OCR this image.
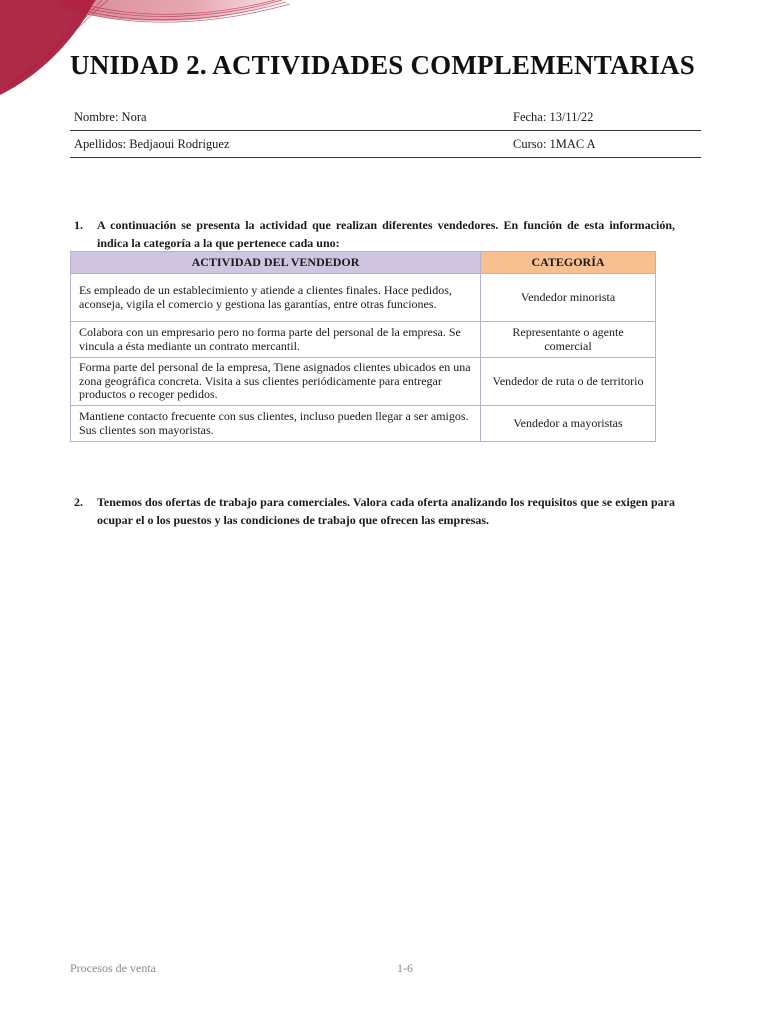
UNIDAD 2. ACTIVIDADES COMPLEMENTARIAS
Nombre: Nora	Fecha: 13/11/22
Apellidos: Bedjaoui Rodriguez	Curso: 1MAC A
1. A continuación se presenta la actividad que realizan diferentes vendedores. En función de esta información, indica la categoría a la que pertenece cada uno:
ACTIVIDAD DEL VENDEDOR	CATEGORÍA
Es empleado de un establecimiento y atiende a clientes finales. Hace pedidos, aconseja, vigila el comercio y gestiona las garantías, entre otras funciones.	Vendedor minorista
Colabora con un empresario pero no forma parte del personal de la empresa. Se vincula a ésta mediante un contrato mercantil.	Representante o agente comercial
Forma parte del personal de la empresa, Tiene asignados clientes ubicados en una zona geográfica concreta. Visita a sus clientes periódicamente para entregar productos o recoger pedidos.	Vendedor de ruta o de territorio
Mantiene contacto frecuente con sus clientes, incluso pueden llegar a ser amigos. Sus clientes son mayoristas.	Vendedor a mayoristas
2. Tenemos dos ofertas de trabajo para comerciales. Valora cada oferta analizando los requisitos que se exigen para ocupar el o los puestos y las condiciones de trabajo que ofrecen las empresas.
Procesos de venta	1-6
